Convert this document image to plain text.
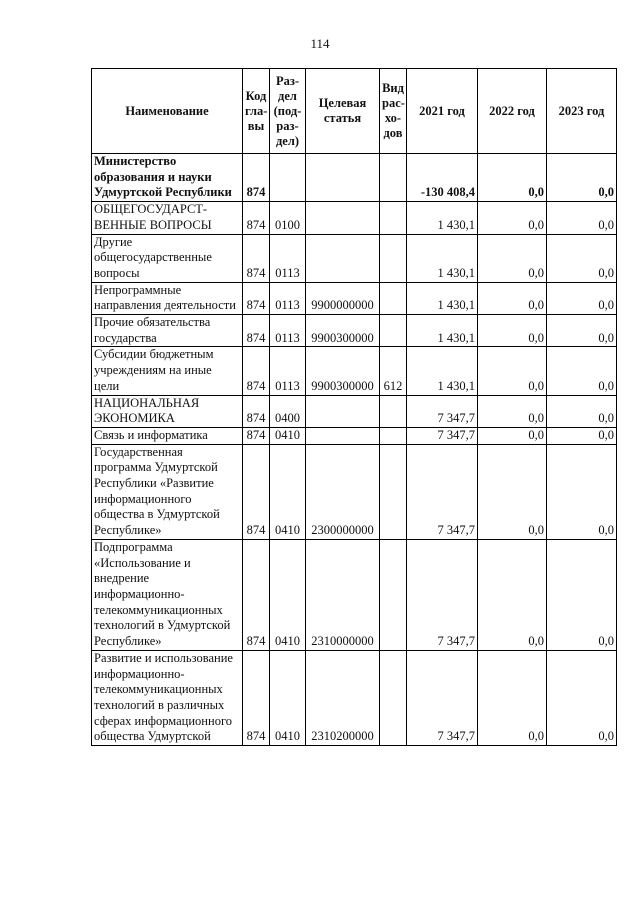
114
Наименование	Код гла- вы	Раз- дел (под- раз- дел)	Целевая статья	Вид рас- хо- дов	2021 год	2022 год	2023 год
Министерство образования и науки Удмуртской Республики	874				-130 408,4	0,0	0,0
ОБЩЕГОСУДАРСТ- ВЕННЫЕ ВОПРОСЫ	874	0100			1 430,1	0,0	0,0
Другие общегосударственные вопросы	874	0113			1 430,1	0,0	0,0
Непрограммные направления деятельности	874	0113	9900000000		1 430,1	0,0	0,0
Прочие обязательства государства	874	0113	9900300000		1 430,1	0,0	0,0
Субсидии бюджетным учреждениям на иные цели	874	0113	9900300000	612	1 430,1	0,0	0,0
НАЦИОНАЛЬНАЯ ЭКОНОМИКА	874	0400			7 347,7	0,0	0,0
Связь и информатика	874	0410			7 347,7	0,0	0,0
Государственная программа Удмуртской Республики «Развитие информационного общества в Удмуртской Республике»	874	0410	2300000000		7 347,7	0,0	0,0
Подпрограмма «Использование и внедрение информационно- телекоммуникационных технологий в Удмуртской Республике»	874	0410	2310000000		7 347,7	0,0	0,0
Развитие и использование информационно- телекоммуникационных технологий в различных сферах информационного общества Удмуртской	874	0410	2310200000		7 347,7	0,0	0,0
